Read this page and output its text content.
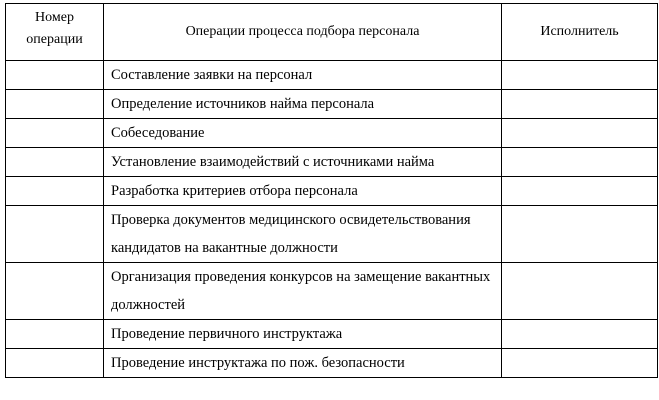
Номер операции	Операции процесса подбора персонала	Исполнитель
	Составление заявки на персонал	
	Определение источников найма персонала	
	Собеседование	
	Установление взаимодействий с источниками найма	
	Разработка критериев отбора персонала	
	Проверка документов медицинского освидетельствования кандидатов на вакантные должности	
	Организация проведения конкурсов на замещение вакантных должностей	
	Проведение первичного инструктажа	
	Проведение инструктажа по пож. безопасности	
